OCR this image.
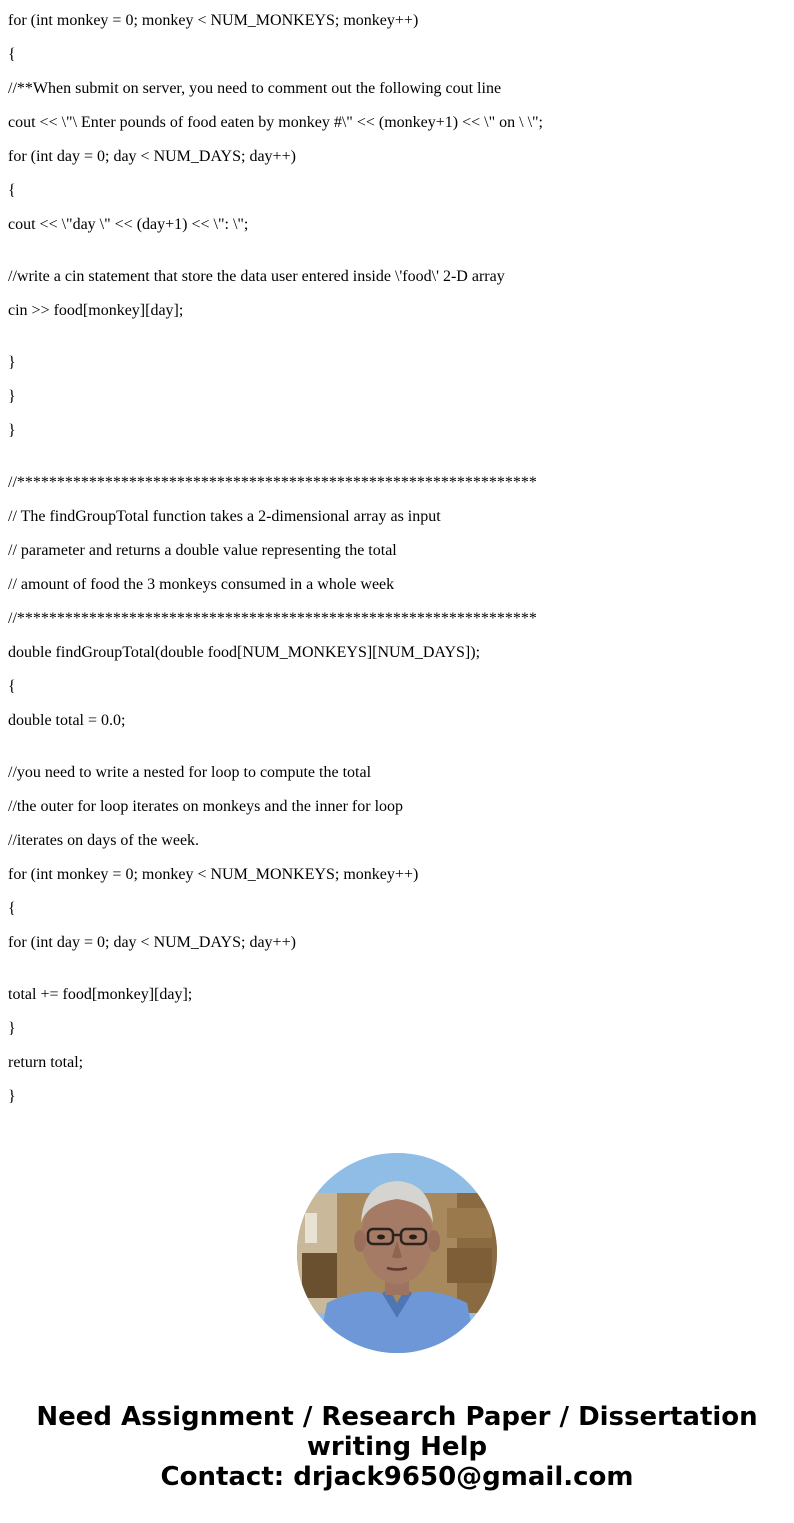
for (int monkey = 0; monkey < NUM_MONKEYS; monkey++)
{
//**When submit on server, you need to comment out the following cout line
cout << \"\ Enter pounds of food eaten by monkey #\" << (monkey+1) << \" on \ \";
for (int day = 0; day < NUM_DAYS; day++)
{
cout << \"day \" << (day+1) << \": \";
//write a cin statement that store the data user entered inside \'food\' 2-D array
cin >> food[monkey][day];
}
}
}
//*****************************************************************
// The findGroupTotal function takes a 2-dimensional array as input
// parameter and returns a double value representing the total
// amount of food the 3 monkeys consumed in a whole week
//*****************************************************************
double findGroupTotal(double food[NUM_MONKEYS][NUM_DAYS]);
{
double total = 0.0;
//you need to write a nested for loop to compute the total
//the outer for loop iterates on monkeys and the inner for loop
//iterates on days of the week.
for (int monkey = 0; monkey < NUM_MONKEYS; monkey++)
{
for (int day = 0; day < NUM_DAYS; day++)
total += food[monkey][day];
}
return total;
}
Need Assignment / Research Paper / Dissertation
writing Help
Contact: drjack9650@gmail.com
